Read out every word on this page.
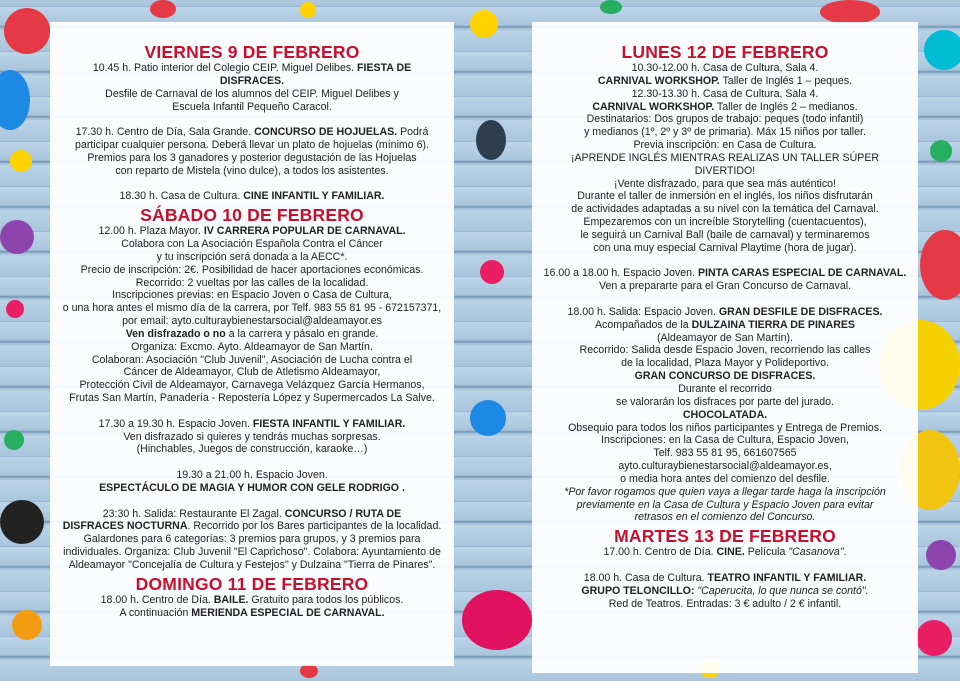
VIERNES 9 DE FEBRERO
10.45 h. Patio interior del Colegio CEIP. Miguel Delibes. FIESTA DE DISFRACES.
Desfile de Carnaval de los alumnos del CEIP. Miguel Delibes y
Escuela Infantil Pequeño Caracol.
17.30 h. Centro de Día, Sala Grande. CONCURSO DE HOJUELAS. Podrá
participar cualquier persona. Deberá llevar un plato de hojuelas (mínimo 6).
Premios para los 3 ganadores y posterior degustación de las Hojuelas
con reparto de Mistela (vino dulce), a todos los asistentes.
18.30 h. Casa de Cultura. CINE INFANTIL Y FAMILIAR.
SÁBADO 10 DE FEBRERO
12.00 h. Plaza Mayor. IV CARRERA POPULAR DE CARNAVAL.
Colabora con La Asociación Española Contra el Cáncer
y tu inscripción será donada a la AECC*.
Precio de inscripción: 2€. Posibilidad de hacer aportaciones económicas.
Recorrido: 2 vueltas por las calles de la localidad.
Inscripciones previas: en Espacio Joven o Casa de Cultura,
o una hora antes el mismo día de la carrera, por Telf. 983 55 81 95 - 672157371,
por email: ayto.culturaybienestarsocial@aldeamayor.es
Ven disfrazado o no a la carrera y pásalo en grande.
Organiza: Excmo. Ayto. Aldeamayor de San Martín.
Colaboran: Asociación "Club Juvenil", Asociación de Lucha contra el
Cáncer de Aldeamayor, Club de Atletismo Aldeamayor,
Protección Civil de Aldeamayor, Carnavega Velázquez García Hermanos,
Frutas San Martín, Panadería - Repostería López y Supermercados La Salve.
17.30 a 19.30 h. Espacio Joven. FIESTA INFANTIL Y FAMILIAR.
Ven disfrazado si quieres y tendrás muchas sorpresas.
(Hinchables, Juegos de construcción, karaoke…)
19.30 a 21.00 h. Espacio Joven.
ESPECTÁCULO DE MAGIA Y HUMOR CON GELE RODRIGO .
23:30 h. Salida: Restaurante El Zagal. CONCURSO / RUTA DE
DISFRACES NOCTURNA. Recorrido por los Bares participantes de la localidad.
Galardones para 6 categorías: 3 premios para grupos, y 3 premios para
individuales. Organiza: Club Juvenil "El Caprichoso". Colabora: Ayuntamiento de
Aldeamayor "Concejalía de Cultura y Festejos" y Dulzaina "Tierra de Pinares".
DOMINGO 11 DE FEBRERO
18.00 h. Centro de Día. BAILE. Gratuito para todos los públicos.
A continuación MERIENDA ESPECIAL DE CARNAVAL.
LUNES 12 DE FEBRERO
10.30-12.00 h. Casa de Cultura, Sala 4.
CARNIVAL WORKSHOP. Taller de Inglés 1 – peques.
12.30-13.30 h. Casa de Cultura, Sala 4.
CARNIVAL WORKSHOP. Taller de Inglés 2 – medianos.
Destinatarios: Dos grupos de trabajo: peques (todo infantil)
y medianos (1º, 2º y 3º de primaria). Máx 15 niños por taller.
Previa inscripción: en Casa de Cultura.
¡APRENDE INGLÉS MIENTRAS REALIZAS UN TALLER SÚPER DIVERTIDO!
¡Vente disfrazado, para que sea más auténtico!
Durante el taller de inmersión en el inglés, los niños disfrutarán
de actividades adaptadas a su nivel con la temática del Carnaval.
Empezaremos con un increíble Storytelling (cuentacuentos),
le seguirá un Carnival Ball (baile de carnaval) y terminaremos
con una muy especial Carnival Playtime (hora de jugar).
16.00 a 18.00 h. Espacio Joven. PINTA CARAS ESPECIAL DE CARNAVAL.
Ven a prepararte para el Gran Concurso de Carnaval.
18.00 h. Salida: Espacio Joven. GRAN DESFILE DE DISFRACES.
Acompañados de la DULZAINA TIERRA DE PINARES
(Aldeamayor de San Martín).
Recorrido: Salida desde Espacio Joven, recorriendo las calles
de la localidad, Plaza Mayor y Polideportivo.
GRAN CONCURSO DE DISFRACES.
Durante el recorrido
se valorarán los disfraces por parte del jurado.
CHOCOLATADA.
Obsequio para todos los niños participantes y Entrega de Premios.
Inscripciones: en la Casa de Cultura, Espacio Joven,
Telf. 983 55 81 95, 661607565
ayto.culturaybienestarsocial@aldeamayor.es,
o media hora antes del comienzo del desfile.
*Por favor rogamos que quien vaya a llegar tarde haga la inscripción
previamente en la Casa de Cultura y Espacio Joven para evitar
retrasos en el comienzo del Concurso.
MARTES 13 DE FEBRERO
17.00 h. Centro de Día. CINE. Película "Casanova".
18.00 h. Casa de Cultura. TEATRO INFANTIL Y FAMILIAR.
GRUPO TELONCILLO: "Caperucita, lo que nunca se contó".
Red de Teatros. Entradas: 3 € adulto / 2 € infantil.
